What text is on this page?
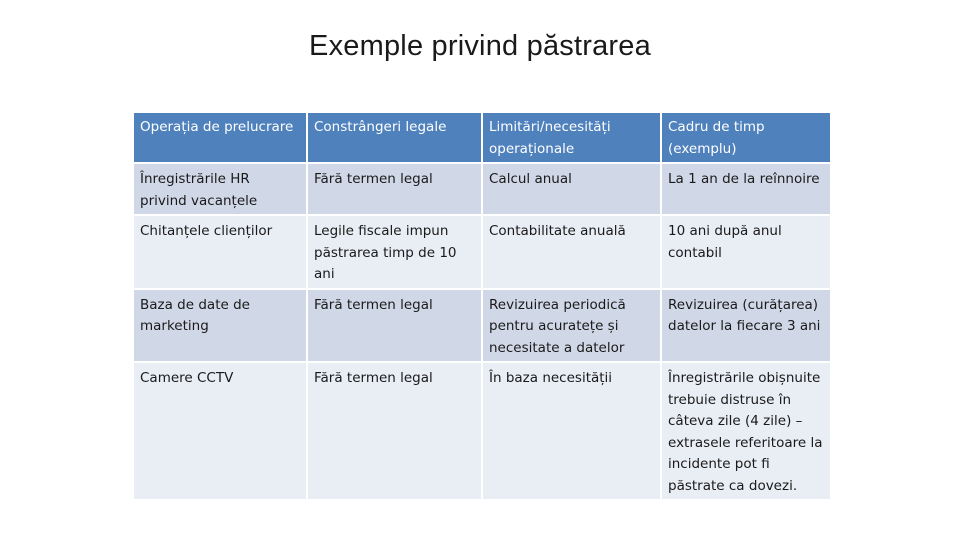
Exemple privind păstrarea
Operația de prelucrare	Constrângeri legale	Limitări/necesități operaționale	Cadru de timp (exemplu)
Înregistrările HR privind vacanțele	Fără termen legal	Calcul anual	La 1 an de la reînnoire
Chitanțele clienților	Legile fiscale impun păstrarea timp de 10 ani	Contabilitate anuală	10 ani după anul contabil
Baza de date de marketing	Fără termen legal	Revizuirea periodică pentru acuratețe și necesitate a datelor	Revizuirea (curățarea) datelor la fiecare 3 ani
Camere CCTV	Fără termen legal	În baza necesității	Înregistrările obișnuite trebuie distruse în câteva zile (4 zile) – extrasele referitoare la incidente pot fi păstrate ca dovezi.
